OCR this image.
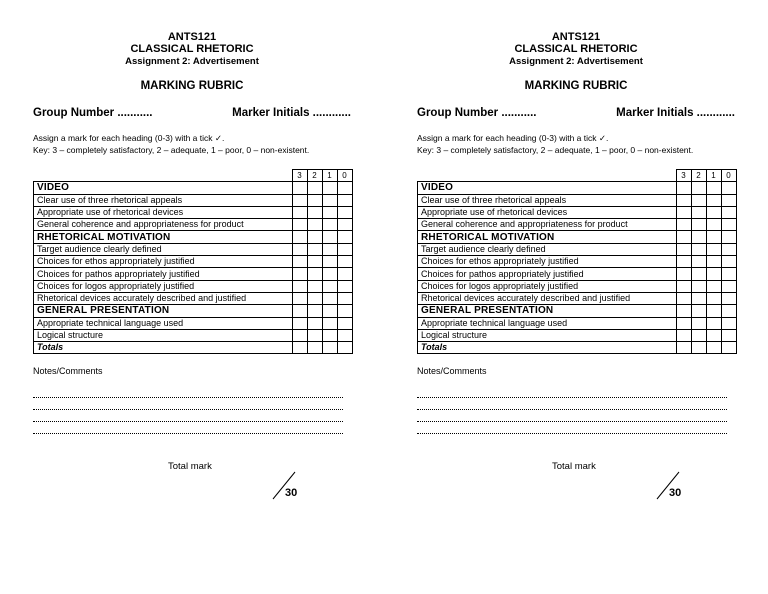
ANTS121
CLASSICAL RHETORIC
Assignment 2: Advertisement
MARKING RUBRIC
Group Number ...........	Marker Initials ............
Assign a mark for each heading (0-3) with a tick ✓.
Key: 3 – completely satisfactory, 2 – adequate, 1 – poor, 0 – non-existent.
	3	2	1	0
VIDEO				
Clear use of three rhetorical appeals				
Appropriate use of rhetorical devices				
General coherence and appropriateness for product				
RHETORICAL MOTIVATION				
Target audience clearly defined				
Choices for ethos appropriately justified				
Choices for pathos appropriately justified				
Choices for logos appropriately justified				
Rhetorical devices accurately described and justified				
GENERAL PRESENTATION				
Appropriate technical language used				
Logical structure				
Totals				
Notes/Comments
Total mark
30
ANTS121
CLASSICAL RHETORIC
Assignment 2: Advertisement
MARKING RUBRIC
Group Number ...........	Marker Initials ............
Assign a mark for each heading (0-3) with a tick ✓.
Key: 3 – completely satisfactory, 2 – adequate, 1 – poor, 0 – non-existent.
	3	2	1	0
VIDEO				
Clear use of three rhetorical appeals				
Appropriate use of rhetorical devices				
General coherence and appropriateness for product				
RHETORICAL MOTIVATION				
Target audience clearly defined				
Choices for ethos appropriately justified				
Choices for pathos appropriately justified				
Choices for logos appropriately justified				
Rhetorical devices accurately described and justified				
GENERAL PRESENTATION				
Appropriate technical language used				
Logical structure				
Totals				
Notes/Comments
Total mark
30
